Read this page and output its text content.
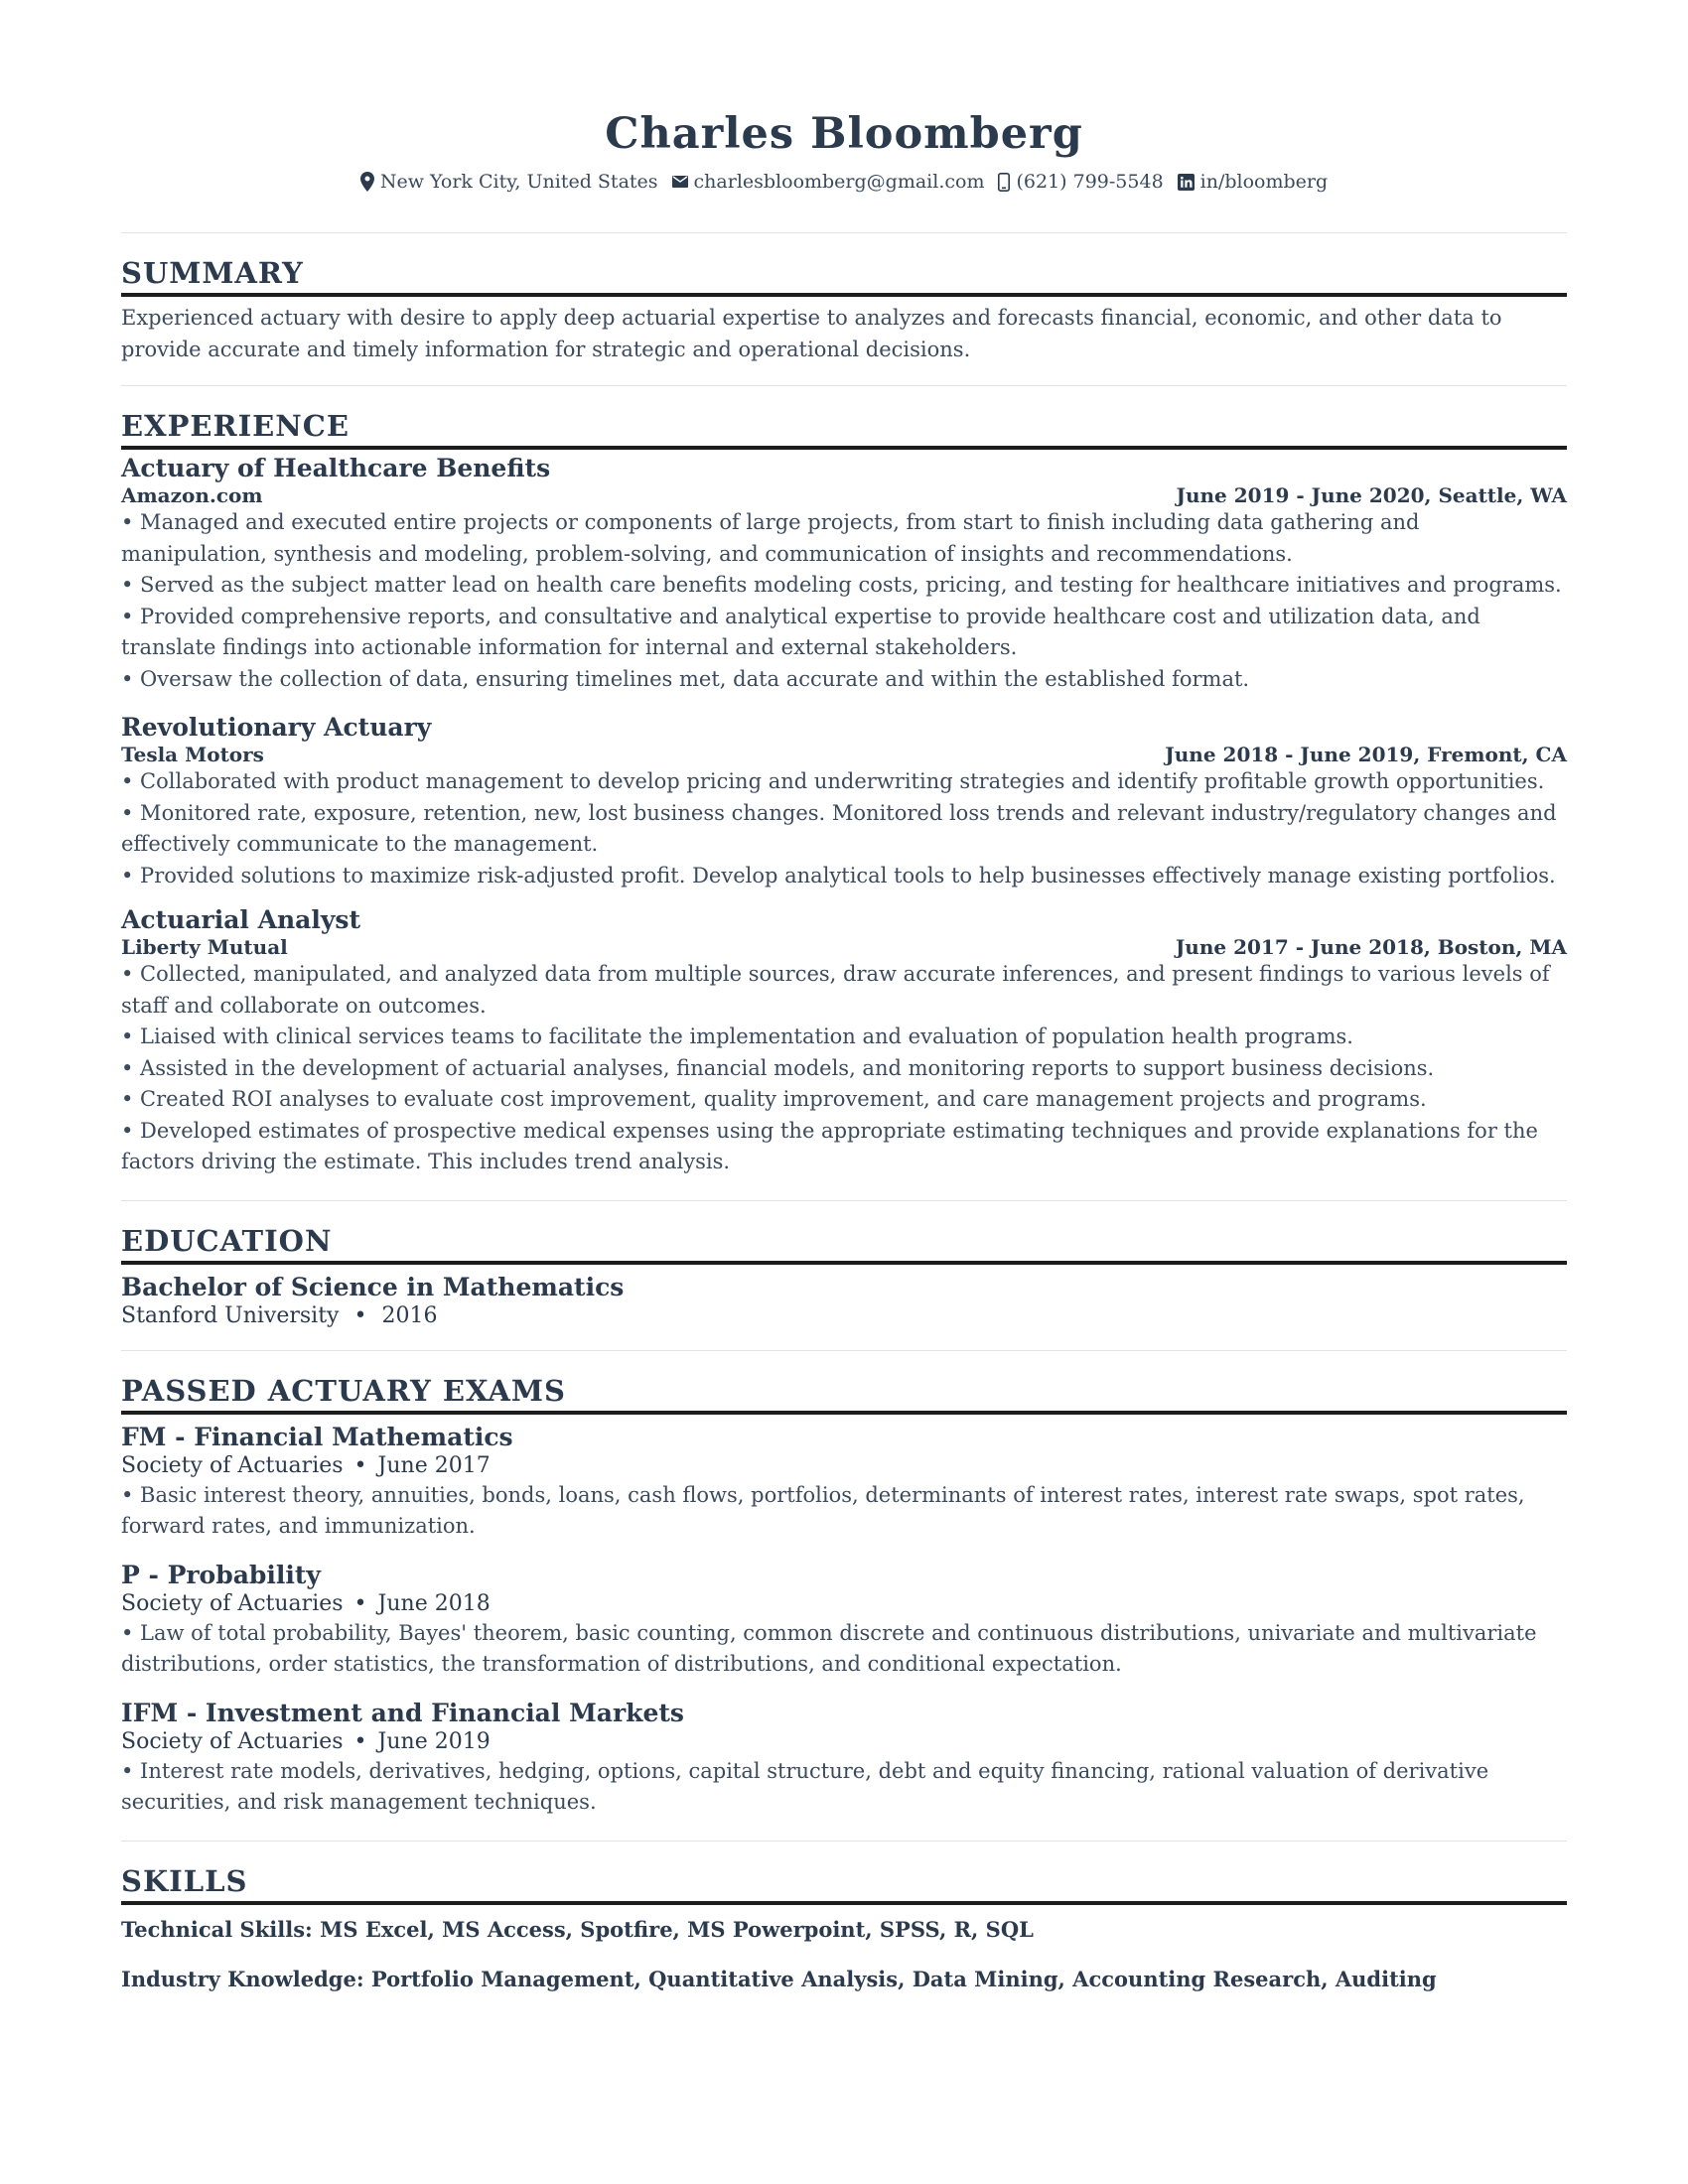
Charles Bloomberg
New York City, United States charlesbloomberg@gmail.com (621) 799-5548 in/bloomberg
SUMMARY

Experienced actuary with desire to apply deep actuarial expertise to analyzes and forecasts financial, economic, and other data to provide accurate and timely information for strategic and operational decisions.

EXPERIENCE

Actuary of Healthcare Benefits

Amazon.com	June 2019 - June 2020, Seattle, WA

• Managed and executed entire projects or components of large projects, from start to finish including data gathering and manipulation, synthesis and modeling, problem-solving, and communication of insights and recommendations.

• Served as the subject matter lead on health care benefits modeling costs, pricing, and testing for healthcare initiatives and programs.

• Provided comprehensive reports, and consultative and analytical expertise to provide healthcare cost and utilization data, and translate findings into actionable information for internal and external stakeholders.

• Oversaw the collection of data, ensuring timelines met, data accurate and within the established format.

Revolutionary Actuary

Tesla Motors	June 2018 - June 2019, Fremont, CA

• Collaborated with product management to develop pricing and underwriting strategies and identify profitable growth opportunities.

• Monitored rate, exposure, retention, new, lost business changes. Monitored loss trends and relevant industry/regulatory changes and effectively communicate to the management.

• Provided solutions to maximize risk-adjusted profit. Develop analytical tools to help businesses effectively manage existing portfolios.

Actuarial Analyst

Liberty Mutual	June 2017 - June 2018, Boston, MA

• Collected, manipulated, and analyzed data from multiple sources, draw accurate inferences, and present findings to various levels of staff and collaborate on outcomes.

• Liaised with clinical services teams to facilitate the implementation and evaluation of population health programs.

• Assisted in the development of actuarial analyses, financial models, and monitoring reports to support business decisions.

• Created ROI analyses to evaluate cost improvement, quality improvement, and care management projects and programs.

• Developed estimates of prospective medical expenses using the appropriate estimating techniques and provide explanations for the factors driving the estimate. This includes trend analysis.

EDUCATION

Bachelor of Science in Mathematics

Stanford University • 2016
PASSED ACTUARY EXAMS

FM - Financial Mathematics

Society of Actuaries • June 2017

• Basic interest theory, annuities, bonds, loans, cash flows, portfolios, determinants of interest rates, interest rate swaps, spot rates, forward rates, and immunization.

P - Probability

Society of Actuaries • June 2018

• Law of total probability, Bayes' theorem, basic counting, common discrete and continuous distributions, univariate and multivariate distributions, order statistics, the transformation of distributions, and conditional expectation.

IFM - Investment and Financial Markets

Society of Actuaries • June 2019

• Interest rate models, derivatives, hedging, options, capital structure, debt and equity financing, rational valuation of derivative securities, and risk management techniques.

SKILLS

Technical Skills: MS Excel, MS Access, Spotfire, MS Powerpoint, SPSS, R, SQL

Industry Knowledge: Portfolio Management, Quantitative Analysis, Data Mining, Accounting Research, Auditing
